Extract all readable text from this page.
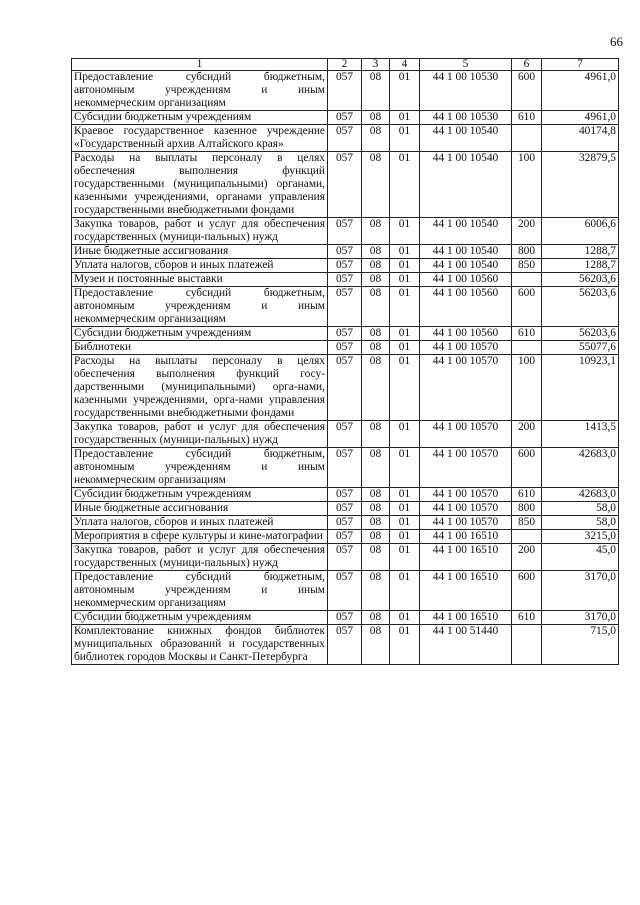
66
1	2	3	4	5	6	7
Предоставление субсидий бюджетным, автономным учреждениям и иным некоммерческим организациям	057	08	01	44 1 00 10530	600	4961,0
Субсидии бюджетным учреждениям	057	08	01	44 1 00 10530	610	4961,0
Краевое государственное казенное учреждение «Государственный архив Алтайского края»	057	08	01	44 1 00 10540		40174,8
Расходы на выплаты персоналу в целях обеспечения выполнения функций государственными (муниципальными) органами, казенными учреждениями, органами управления государственными внебюджетными фондами	057	08	01	44 1 00 10540	100	32879,5
Закупка товаров, работ и услуг для обеспечения государственных (муници-пальных) нужд	057	08	01	44 1 00 10540	200	6006,6
Иные бюджетные ассигнования	057	08	01	44 1 00 10540	800	1288,7
Уплата налогов, сборов и иных платежей	057	08	01	44 1 00 10540	850	1288,7
Музеи и постоянные выставки	057	08	01	44 1 00 10560		56203,6
Предоставление субсидий бюджетным, автономным учреждениям и иным некоммерческим организациям	057	08	01	44 1 00 10560	600	56203,6
Субсидии бюджетным учреждениям	057	08	01	44 1 00 10560	610	56203,6
Библиотеки	057	08	01	44 1 00 10570		55077,6
Расходы на выплаты персоналу в целях обеспечения выполнения функций госу-дарственными (муниципальными) орга-нами, казенными учреждениями, орга-нами управления государственными внебюджетными фондами	057	08	01	44 1 00 10570	100	10923,1
Закупка товаров, работ и услуг для обеспечения государственных (муници-пальных) нужд	057	08	01	44 1 00 10570	200	1413,5
Предоставление субсидий бюджетным, автономным учреждениям и иным некоммерческим организациям	057	08	01	44 1 00 10570	600	42683,0
Субсидии бюджетным учреждениям	057	08	01	44 1 00 10570	610	42683,0
Иные бюджетные ассигнования	057	08	01	44 1 00 10570	800	58,0
Уплата налогов, сборов и иных платежей	057	08	01	44 1 00 10570	850	58,0
Мероприятия в сфере культуры и кине-матографии	057	08	01	44 1 00 16510		3215,0
Закупка товаров, работ и услуг для обеспечения государственных (муници-пальных) нужд	057	08	01	44 1 00 16510	200	45,0
Предоставление субсидий бюджетным, автономным учреждениям и иным некоммерческим организациям	057	08	01	44 1 00 16510	600	3170,0
Субсидии бюджетным учреждениям	057	08	01	44 1 00 16510	610	3170,0
Комплектование книжных фондов библиотек муниципальных образований и государственных библиотек городов Москвы и Санкт-Петербурга	057	08	01	44 1 00 51440		715,0
